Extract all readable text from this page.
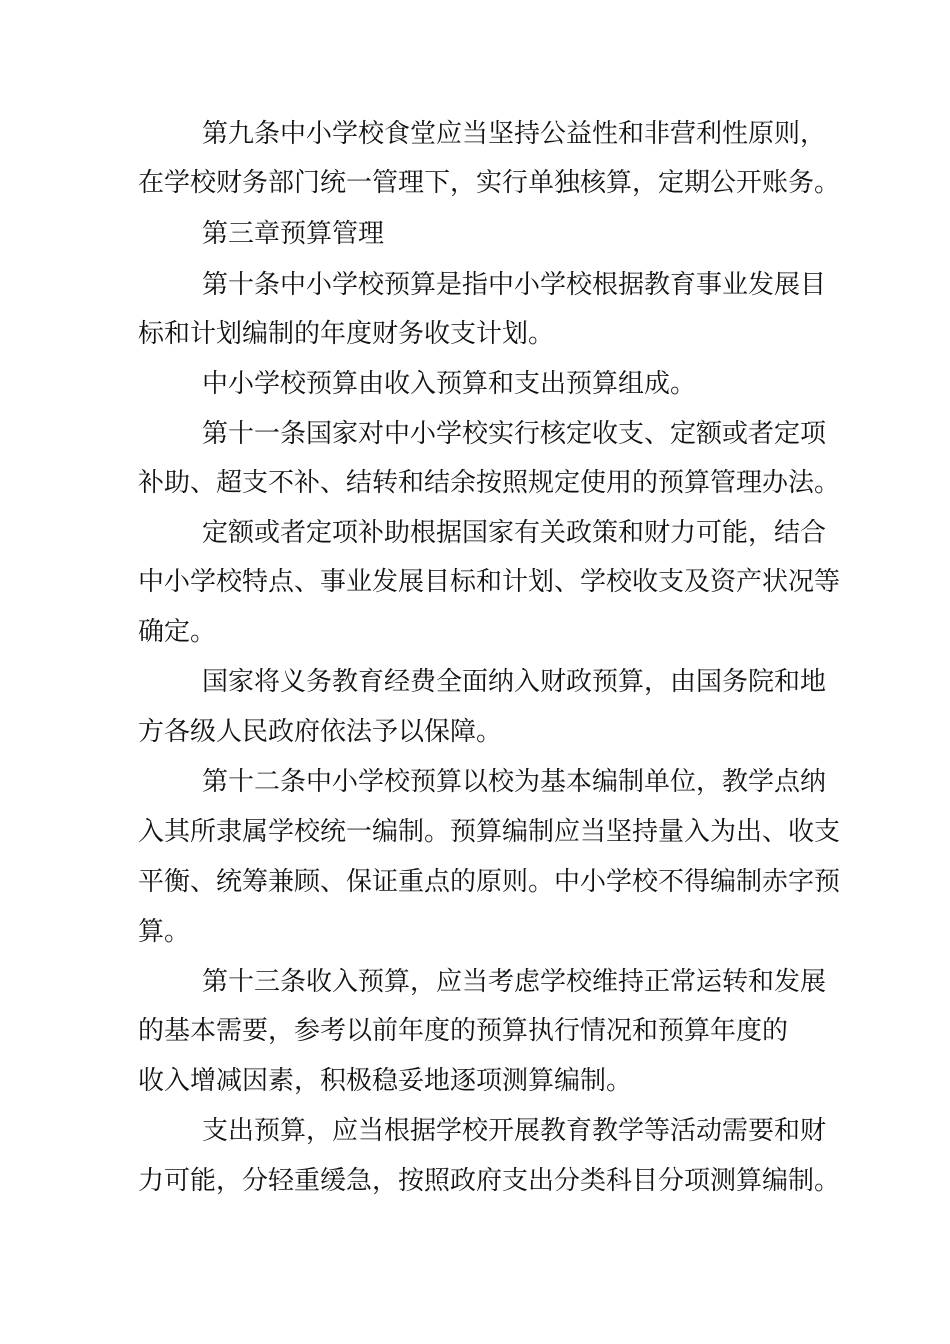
第九条中小学校食堂应当坚持公益性和非营利性原则，
在学校财务部门统一管理下，实行单独核算，定期公开账务。
第三章预算管理
第十条中小学校预算是指中小学校根据教育事业发展目
标和计划编制的年度财务收支计划。
中小学校预算由收入预算和支出预算组成。
第十一条国家对中小学校实行核定收支、定额或者定项
补助、超支不补、结转和结余按照规定使用的预算管理办法。
定额或者定项补助根据国家有关政策和财力可能，结合
中小学校特点、事业发展目标和计划、学校收支及资产状况等
确定。
国家将义务教育经费全面纳入财政预算，由国务院和地
方各级人民政府依法予以保障。
第十二条中小学校预算以校为基本编制单位，教学点纳
入其所隶属学校统一编制。预算编制应当坚持量入为出、收支
平衡、统筹兼顾、保证重点的原则。中小学校不得编制赤字预
算。
第十三条收入预算，应当考虑学校维持正常运转和发展
的基本需要，参考以前年度的预算执行情况和预算年度的
收入增减因素，积极稳妥地逐项测算编制。
支出预算，应当根据学校开展教育教学等活动需要和财
力可能，分轻重缓急，按照政府支出分类科目分项测算编制。
